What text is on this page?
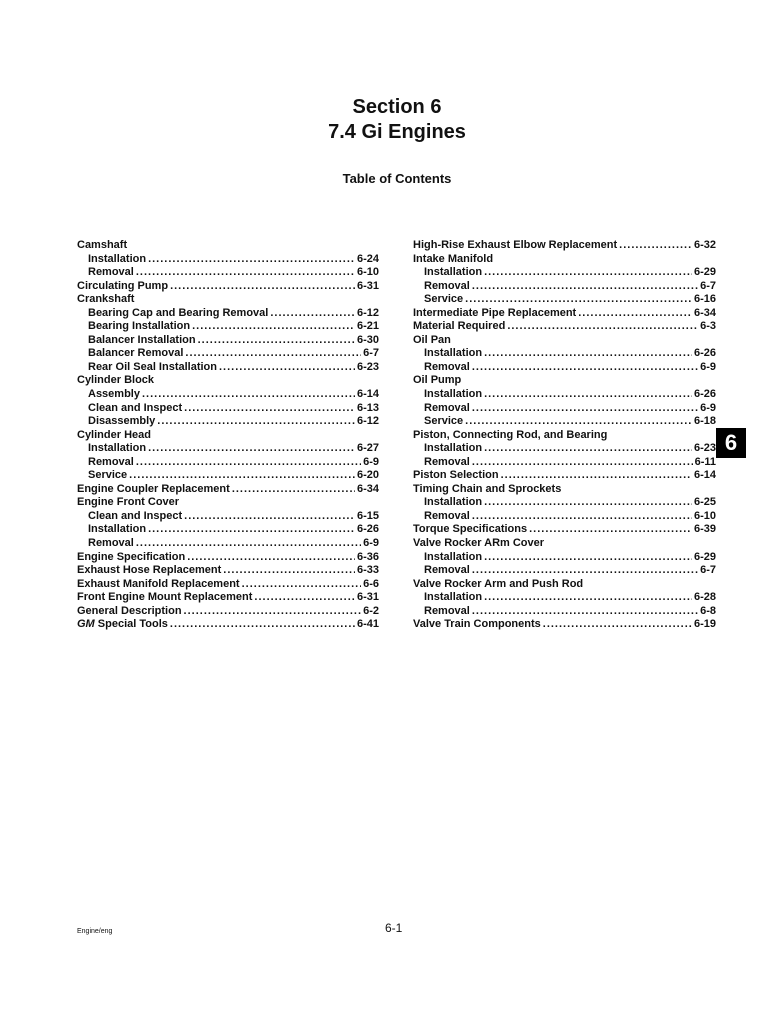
Section 6
7.4 Gi Engines
Table of Contents
Camshaft
Installation .....	6-24
Removal .....	6-10
Circulating Pump .....	6-31
Crankshaft
Bearing Cap and Bearing Removal .....	6-12
Bearing Installation .....	6-21
Balancer Installation .....	6-30
Balancer Removal .....	6-7
Rear Oil Seal Installation .....	6-23
Cylinder Block
Assembly .....	6-14
Clean and Inspect .....	6-13
Disassembly .....	6-12
Cylinder Head
Installation .....	6-27
Removal .....	6-9
Service .....	6-20
Engine Coupler Replacement .....	6-34
Engine Front Cover
Clean and Inspect .....	6-15
Installation .....	6-26
Removal .....	6-9
Engine Specification .....	6-36
Exhaust Hose Replacement .....	6-33
Exhaust Manifold Replacement .....	6-6
Front Engine Mount Replacement .....	6-31
General Description .....	6-2
GM Special Tools .....	6-41
High-Rise Exhaust Elbow Replacement .....	6-32
Intake Manifold
Installation .....	6-29
Removal .....	6-7
Service .....	6-16
Intermediate Pipe Replacement .....	6-34
Material Required .....	6-3
Oil Pan
Installation .....	6-26
Removal .....	6-9
Oil Pump
Installation .....	6-26
Removal .....	6-9
Service .....	6-18
Piston, Connecting Rod, and Bearing
Installation .....	6-23
Removal .....	6-11
Piston Selection .....	6-14
Timing Chain and Sprockets
Installation .....	6-25
Removal .....	6-10
Torque Specifications .....	6-39
Valve Rocker ARm Cover
Installation .....	6-29
Removal .....	6-7
Valve Rocker Arm and Push Rod
Installation .....	6-28
Removal .....	6-8
Valve Train Components .....	6-19
6
Engine/eng	6-1
